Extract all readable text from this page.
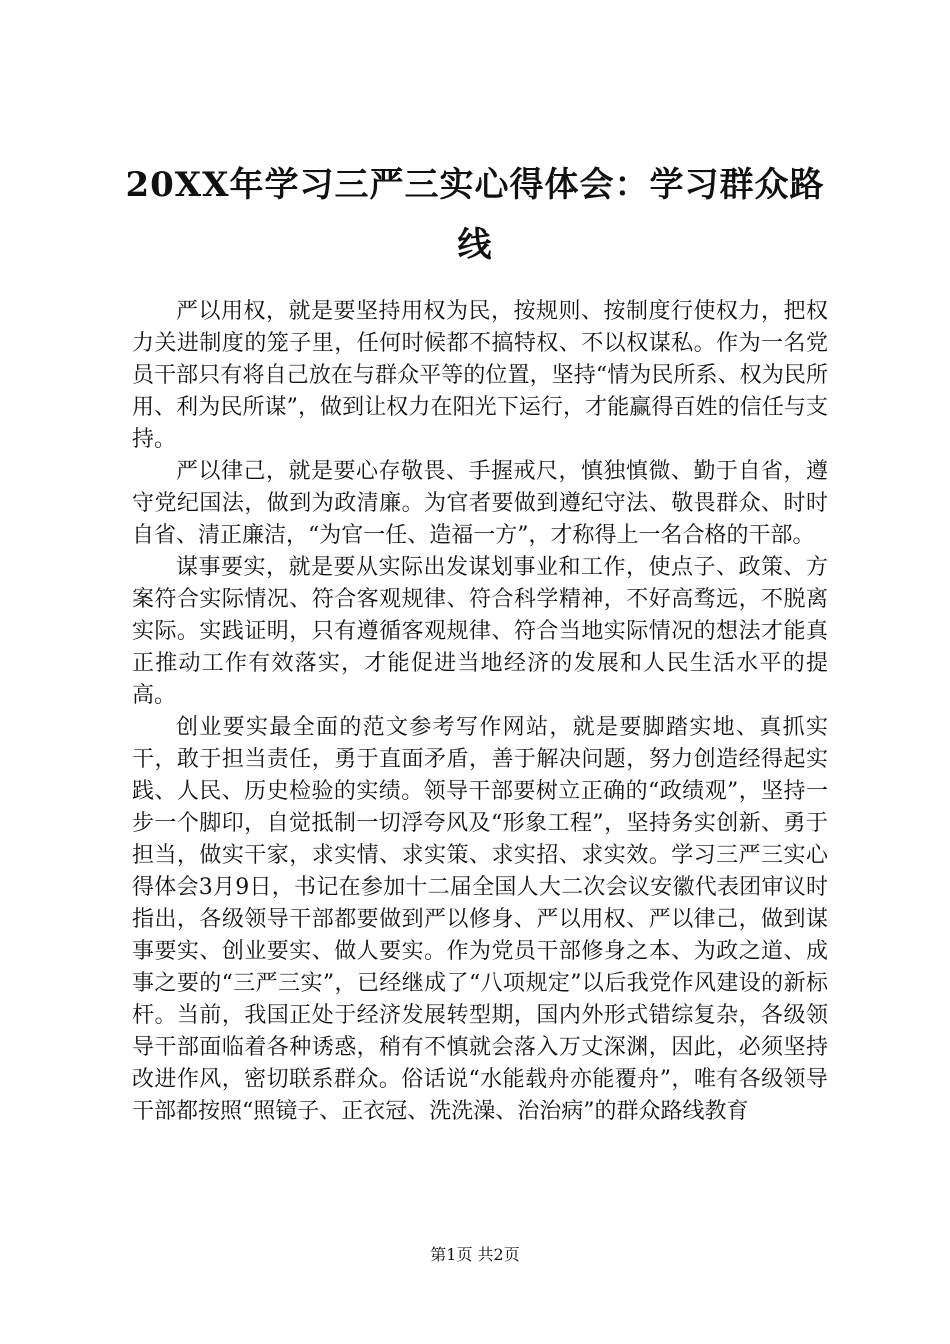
20XX年学习三严三实心得体会：学习群众路线

严以用权，就是要坚持用权为民，按规则、按制度行使权力，把权力关进制度的笼子里，任何时候都不搞特权、不以权谋私。作为一名党员干部只有将自己放在与群众平等的位置，坚持“情为民所系、权为民所用、利为民所谋”，做到让权力在阳光下运行，才能赢得百姓的信任与支持。

严以律己，就是要心存敬畏、手握戒尺，慎独慎微、勤于自省，遵守党纪国法，做到为政清廉。为官者要做到遵纪守法、敬畏群众、时时自省、清正廉洁，“为官一任、造福一方”，才称得上一名合格的干部。

谋事要实，就是要从实际出发谋划事业和工作，使点子、政策、方案符合实际情况、符合客观规律、符合科学精神，不好高骛远，不脱离实际。实践证明，只有遵循客观规律、符合当地实际情况的想法才能真正推动工作有效落实，才能促进当地经济的发展和人民生活水平的提高。

创业要实最全面的范文参考写作网站，就是要脚踏实地、真抓实干，敢于担当责任，勇于直面矛盾，善于解决问题，努力创造经得起实践、人民、历史检验的实绩。领导干部要树立正确的“政绩观”，坚持一步一个脚印，自觉抵制一切浮夸风及“形象工程”，坚持务实创新、勇于担当，做实干家，求实情、求实策、求实招、求实效。学习三严三实心得体会3月9日，书记在参加十二届全国人大二次会议安徽代表团审议时指出，各级领导干部都要做到严以修身、严以用权、严以律己，做到谋事要实、创业要实、做人要实。作为党员干部修身之本、为政之道、成事之要的“三严三实”，已经继成了“八项规定”以后我党作风建设的新标杆。当前，我国正处于经济发展转型期，国内外形式错综复杂，各级领导干部面临着各种诱惑，稍有不慎就会落入万丈深渊，因此，必须坚持改进作风，密切联系群众。俗话说“水能载舟亦能覆舟”，唯有各级领导干部都按照“照镜子、正衣冠、洗洗澡、治治病”的群众路线教育

第1页 共2页
